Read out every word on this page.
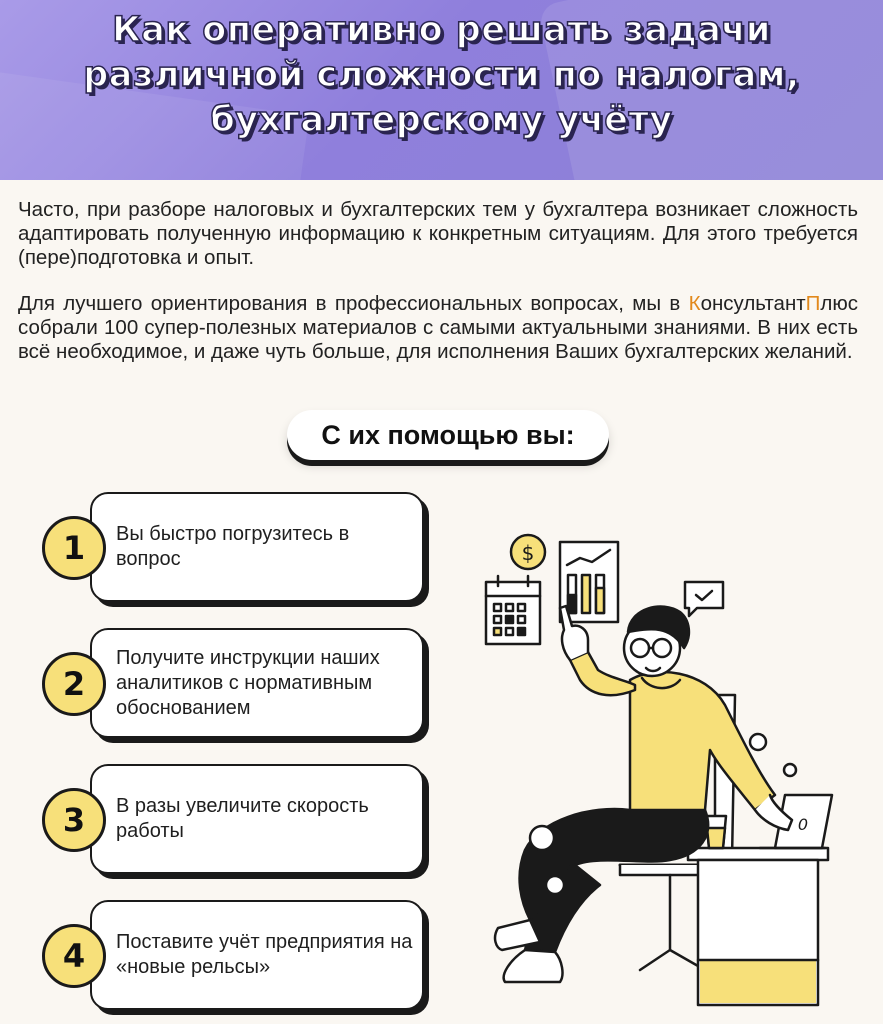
Как оперативно решать задачи различной сложности по налогам, бухгалтерскому учёту

Часто, при разборе налоговых и бухгалтерских тем у бухгалтера возникает сложность адаптировать полученную информацию к конкретным ситуациям. Для этого требуется (пере)подготовка и опыт.

Для лучшего ориентирования в профессиональных вопросах, мы в КонсультантПлюс собрали 100 супер-полезных материалов с самыми актуальными знаниями. В них есть всё необходимое, и даже чуть больше, для исполнения Ваших бухгалтерских желаний.

С их помощью вы:
1	Вы быстро погрузитесь в вопрос
2
Получите инструкции наших аналитиков с нормативным обоснованием
3	В разы увеличите скорость работы
4	Поставите учёт предприятия на «новые рельсы»
$
0
